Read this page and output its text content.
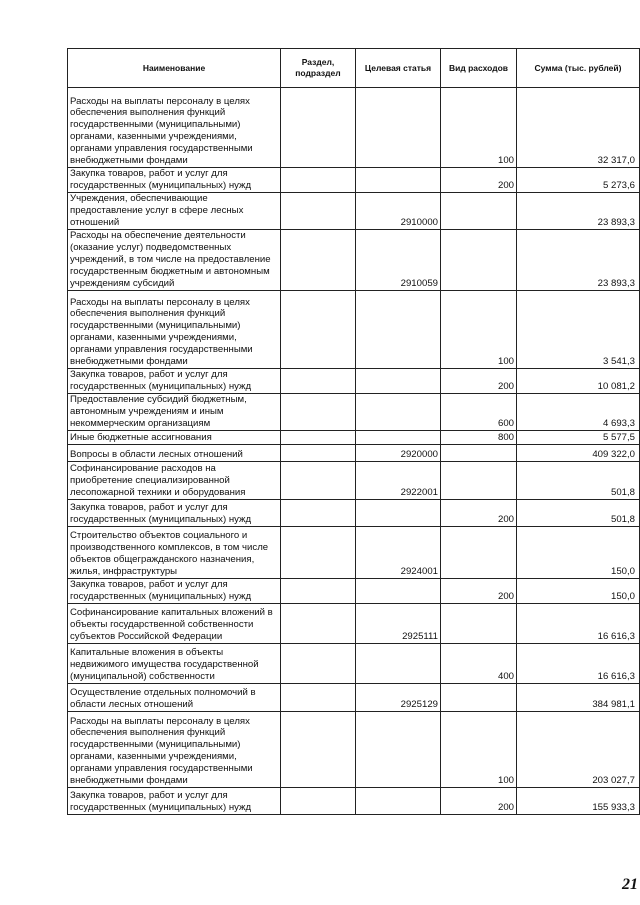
Наименование	Раздел, подраздел	Целевая статья	Вид расходов	Сумма (тыс. рублей)
Расходы на выплаты персоналу в целях обеспечения выполнения функций государственными (муниципальными) органами, казенными учреждениями, органами управления государственными внебюджетными фондами			100	32 317,0
Закупка товаров, работ и услуг для государственных (муниципальных) нужд			200	5 273,6
Учреждения, обеспечивающие предоставление услуг в сфере лесных отношений		2910000		23 893,3
Расходы на обеспечение деятельности (оказание услуг) подведомственных учреждений, в том числе на предоставление государственным бюджетным и автономным учреждениям субсидий		2910059		23 893,3
Расходы на выплаты персоналу в целях обеспечения выполнения функций государственными (муниципальными) органами, казенными учреждениями, органами управления государственными внебюджетными фондами			100	3 541,3
Закупка товаров, работ и услуг для государственных (муниципальных) нужд			200	10 081,2
Предоставление субсидий бюджетным, автономным учреждениям и иным некоммерческим организациям			600	4 693,3
Иные бюджетные ассигнования			800	5 577,5
Вопросы в области лесных отношений		2920000		409 322,0
Софинансирование расходов на приобретение специализированной лесопожарной техники и оборудования		2922001		501,8
Закупка товаров, работ и услуг для государственных (муниципальных) нужд			200	501,8
Строительство объектов социального и производственного комплексов, в том числе объектов общегражданского назначения, жилья, инфраструктуры		2924001		150,0
Закупка товаров, работ и услуг для государственных (муниципальных) нужд			200	150,0
Софинансирование капитальных вложений в объекты государственной собственности субъектов Российской Федерации		2925111		16 616,3
Капитальные вложения в объекты недвижимого имущества государственной (муниципальной) собственности			400	16 616,3
Осуществление отдельных полномочий в области лесных отношений		2925129		384 981,1
Расходы на выплаты персоналу в целях обеспечения выполнения функций государственными (муниципальными) органами, казенными учреждениями, органами управления государственными внебюджетными фондами			100	203 027,7
Закупка товаров, работ и услуг для государственных (муниципальных) нужд			200	155 933,3
21
